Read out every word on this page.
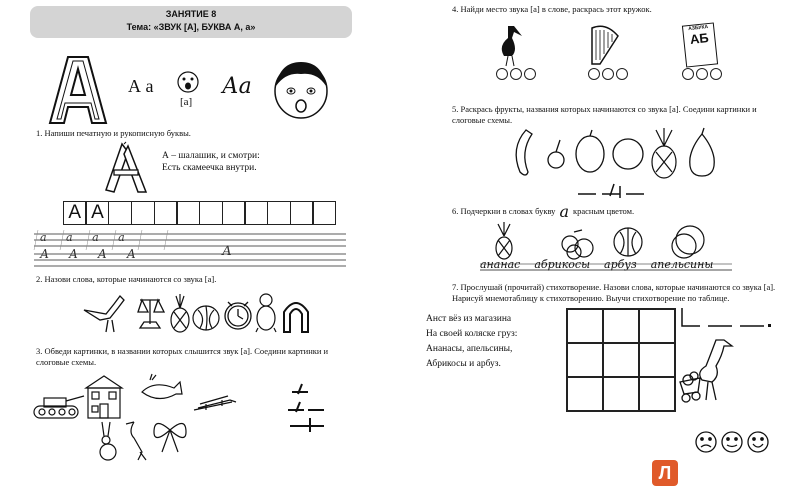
ЗАНЯТИЕ 8
Тема: «ЗВУК [А], БУКВА А, а»
А а
[а]
Аа
1. Напиши печатную и рукописную буквы.
А – шалашик, и смотри:
Есть скамеечка внутри.
А А
а а а а
А А А А	А
2. Назови слова, которые начинаются со звука [а].
3. Обведи картинки, в названии которых слышится звук [а]. Соедини картинки и
слоговые схемы.
4. Найди место звука [а] в слове, раскрась этот кружок.
АЗБУКА
АБ
5. Раскрась фрукты, названия которых начинаются со звука [а]. Соедини картинки и
слоговые схемы.
6. Подчеркни в словах букву а красным цветом.
ананас абрикосы арбуз апельсины
7. Прослушай (прочитай) стихотворение. Назови слова, которые начинаются со звука [а].
Нарисуй мнемотаблицу к стихотворению. Выучи стихотворение по таблице.
Анст вёз из магазина
На своей коляске груз:
Ананасы, апельсины,
Абрикосы и арбуз.
Л
